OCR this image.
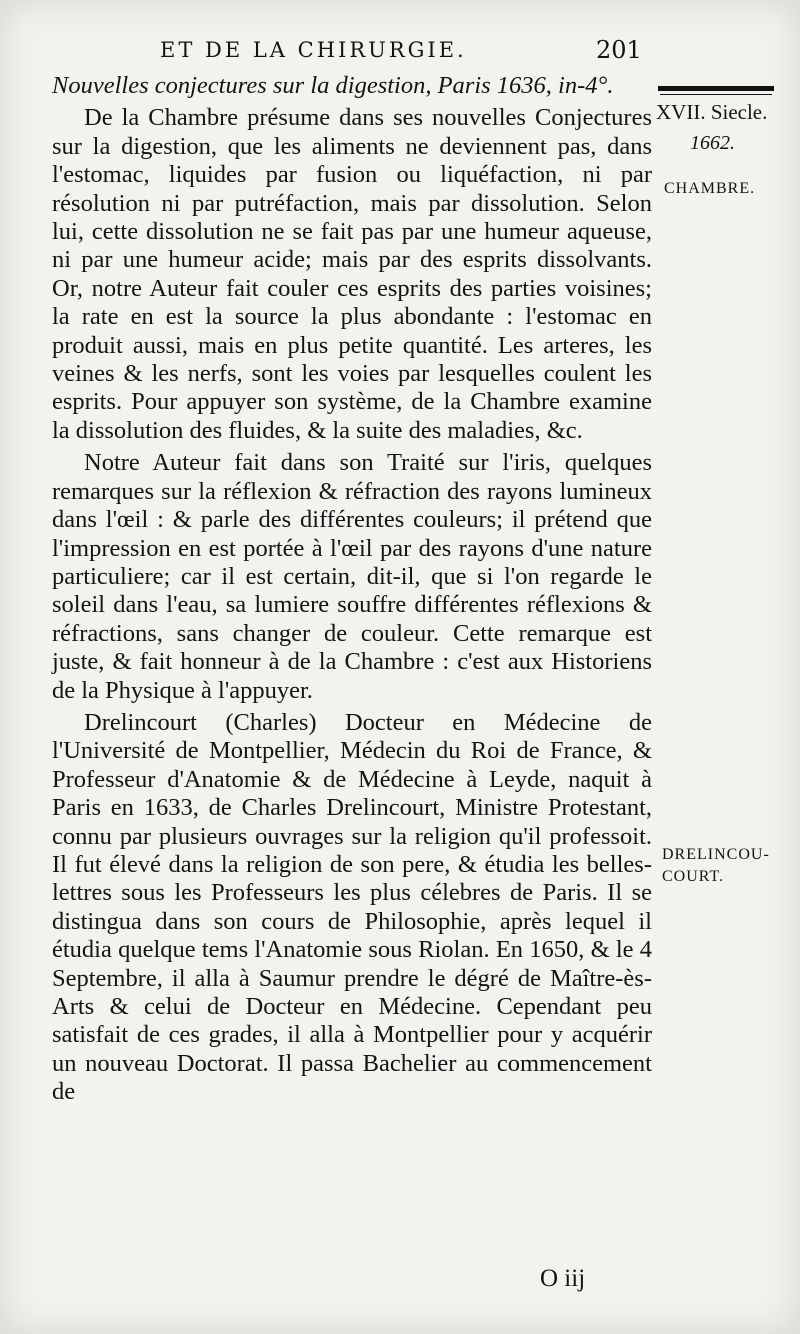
ET DE LA CHIRURGIE.	201
XVII. Siecle.
1662.
CHAMBRE.
DRELINCOU-
COURT.

Nouvelles conjectures sur la digestion, Paris 1636, in-4°.

De la Chambre présume dans ses nouvelles Conjectures sur la digestion, que les aliments ne deviennent pas, dans l'estomac, liquides par fusion ou liquéfaction, ni par résolution ni par putréfaction, mais par dissolution. Selon lui, cette dissolution ne se fait pas par une humeur aqueuse, ni par une humeur acide; mais par des esprits dissolvants. Or, notre Auteur fait couler ces esprits des parties voisines; la rate en est la source la plus abondante : l'estomac en produit aussi, mais en plus petite quantité. Les arteres, les veines & les nerfs, sont les voies par lesquelles coulent les esprits. Pour appuyer son système, de la Chambre examine la dissolution des fluides, & la suite des maladies, &c.

Notre Auteur fait dans son Traité sur l'iris, quelques remarques sur la réflexion & réfraction des rayons lumineux dans l'œil : & parle des différentes couleurs; il prétend que l'impression en est portée à l'œil par des rayons d'une nature particuliere; car il est certain, dit-il, que si l'on regarde le soleil dans l'eau, sa lumiere souffre différentes réflexions & réfractions, sans changer de couleur. Cette remarque est juste, & fait honneur à de la Chambre : c'est aux Historiens de la Physique à l'appuyer.

Drelincourt (Charles) Docteur en Médecine de l'Université de Montpellier, Médecin du Roi de France, & Professeur d'Anatomie & de Médecine à Leyde, naquit à Paris en 1633, de Charles Drelincourt, Ministre Protestant, connu par plusieurs ouvrages sur la religion qu'il professoit. Il fut élevé dans la religion de son pere, & étudia les belles-lettres sous les Professeurs les plus célebres de Paris. Il se distingua dans son cours de Philosophie, après lequel il étudia quelque tems l'Anatomie sous Riolan. En 1650, & le 4 Septembre, il alla à Saumur prendre le dégré de Maître-ès-Arts & celui de Docteur en Médecine. Cependant peu satisfait de ces grades, il alla à Montpellier pour y acquérir un nouveau Doctorat. Il passa Bachelier au commencement de

O iij
